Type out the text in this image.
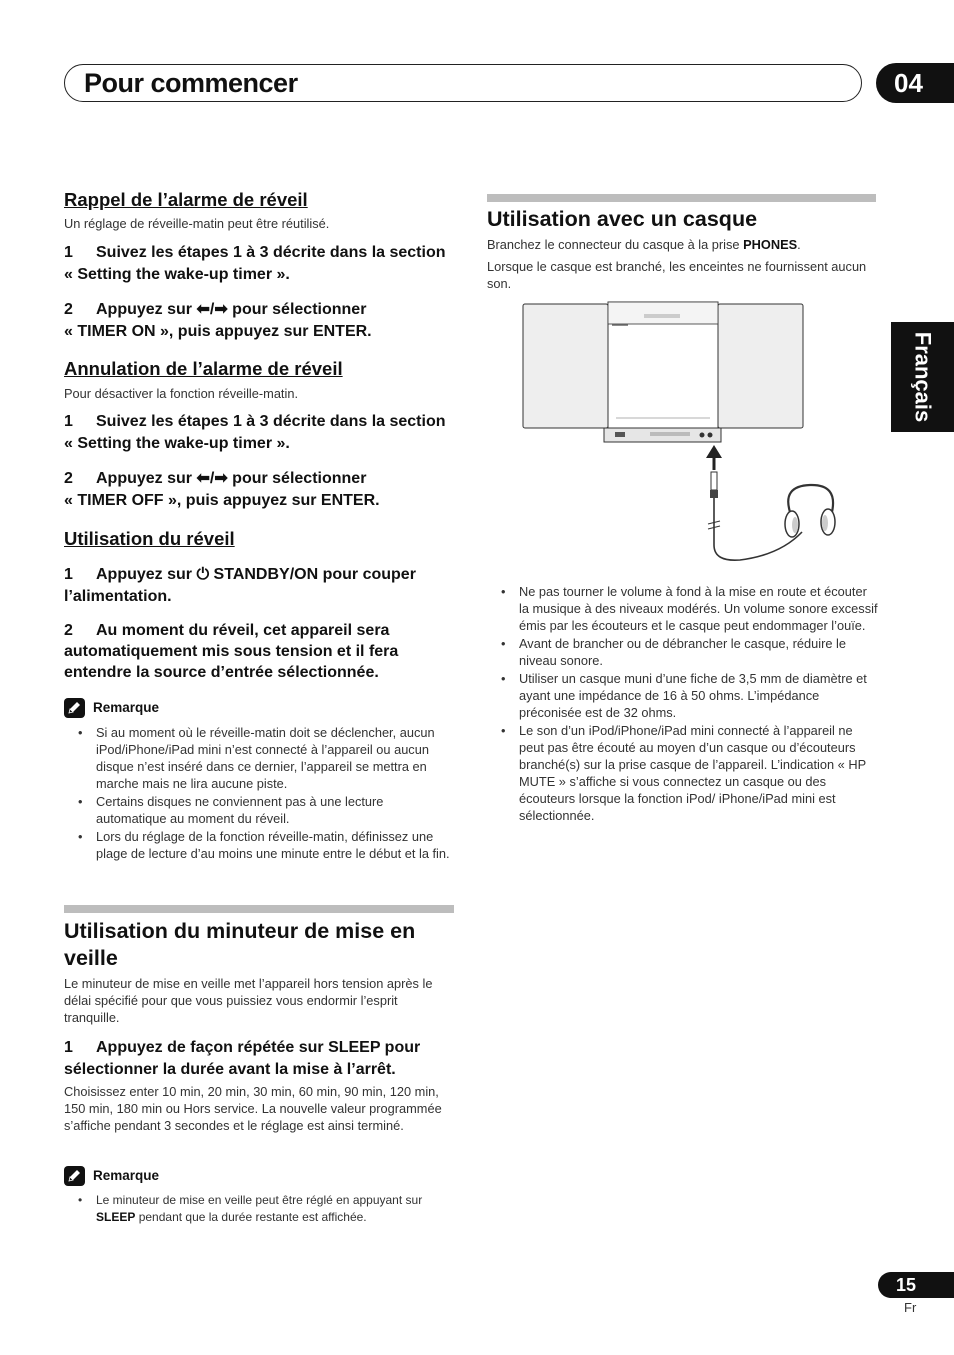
Pour commencer	04
Français
Rappel de l’alarme de réveil
Un réglage de réveille-matin peut être réutilisé.
1 Suivez les étapes 1 à 3 décrite dans la section
« Setting the wake-up timer ».
2 Appuyez sur ⬅/➡ pour sélectionner
« TIMER ON », puis appuyez sur ENTER.
Annulation de l’alarme de réveil
Pour désactiver la fonction réveille-matin.
1 Suivez les étapes 1 à 3 décrite dans la section
« Setting the wake-up timer ».
2 Appuyez sur ⬅/➡ pour sélectionner
« TIMER OFF », puis appuyez sur ENTER.
Utilisation du réveil
1 Appuyez sur ⏻ STANDBY/ON pour couper
l’alimentation.
2 Au moment du réveil, cet appareil sera
automatiquement mis sous tension et il fera
entendre la source d’entrée sélectionnée.
Remarque
• Si au moment où le réveille-matin doit se déclencher, aucun iPod/iPhone/iPad mini n’est connecté à l’appareil ou aucun disque n’est inséré dans ce dernier, l’appareil se mettra en marche mais ne lira aucune piste.
• Certains disques ne conviennent pas à une lecture automatique au moment du réveil.
• Lors du réglage de la fonction réveille-matin, définissez une plage de lecture d’au moins une minute entre le début et la fin.
Utilisation du minuteur de mise en
veille
Le minuteur de mise en veille met l’appareil hors tension après le délai spécifié pour que vous puissiez vous endormir l’esprit tranquille.
1 Appuyez de façon répétée sur SLEEP pour
sélectionner la durée avant la mise à l’arrêt.
Choisissez enter 10 min, 20 min, 30 min, 60 min, 90 min, 120 min, 150 min, 180 min ou Hors service. La nouvelle valeur programmée s’affiche pendant 3 secondes et le réglage est ainsi terminé.
Remarque
• Le minuteur de mise en veille peut être réglé en appuyant sur SLEEP pendant que la durée restante est affichée.
Utilisation avec un casque
Branchez le connecteur du casque à la prise PHONES.
Lorsque le casque est branché, les enceintes ne fournissent aucun son.
• Ne pas tourner le volume à fond à la mise en route et écouter la musique à des niveaux modérés. Un volume sonore excessif émis par les écouteurs et le casque peut endommager l’ouïe.
• Avant de brancher ou de débrancher le casque, réduire le niveau sonore.
• Utiliser un casque muni d’une fiche de 3,5 mm de diamètre et ayant une impédance de 16 à 50 ohms. L’impédance préconisée est de 32 ohms.
• Le son d’un iPod/iPhone/iPad mini connecté à l’appareil ne peut pas être écouté au moyen d’un casque ou d’écouteurs branché(s) sur la prise casque de l’appareil. L’indication « HP MUTE » s’affiche si vous connectez un casque ou des écouteurs lorsque la fonction iPod/ iPhone/iPad mini est sélectionnée.
15
Fr
